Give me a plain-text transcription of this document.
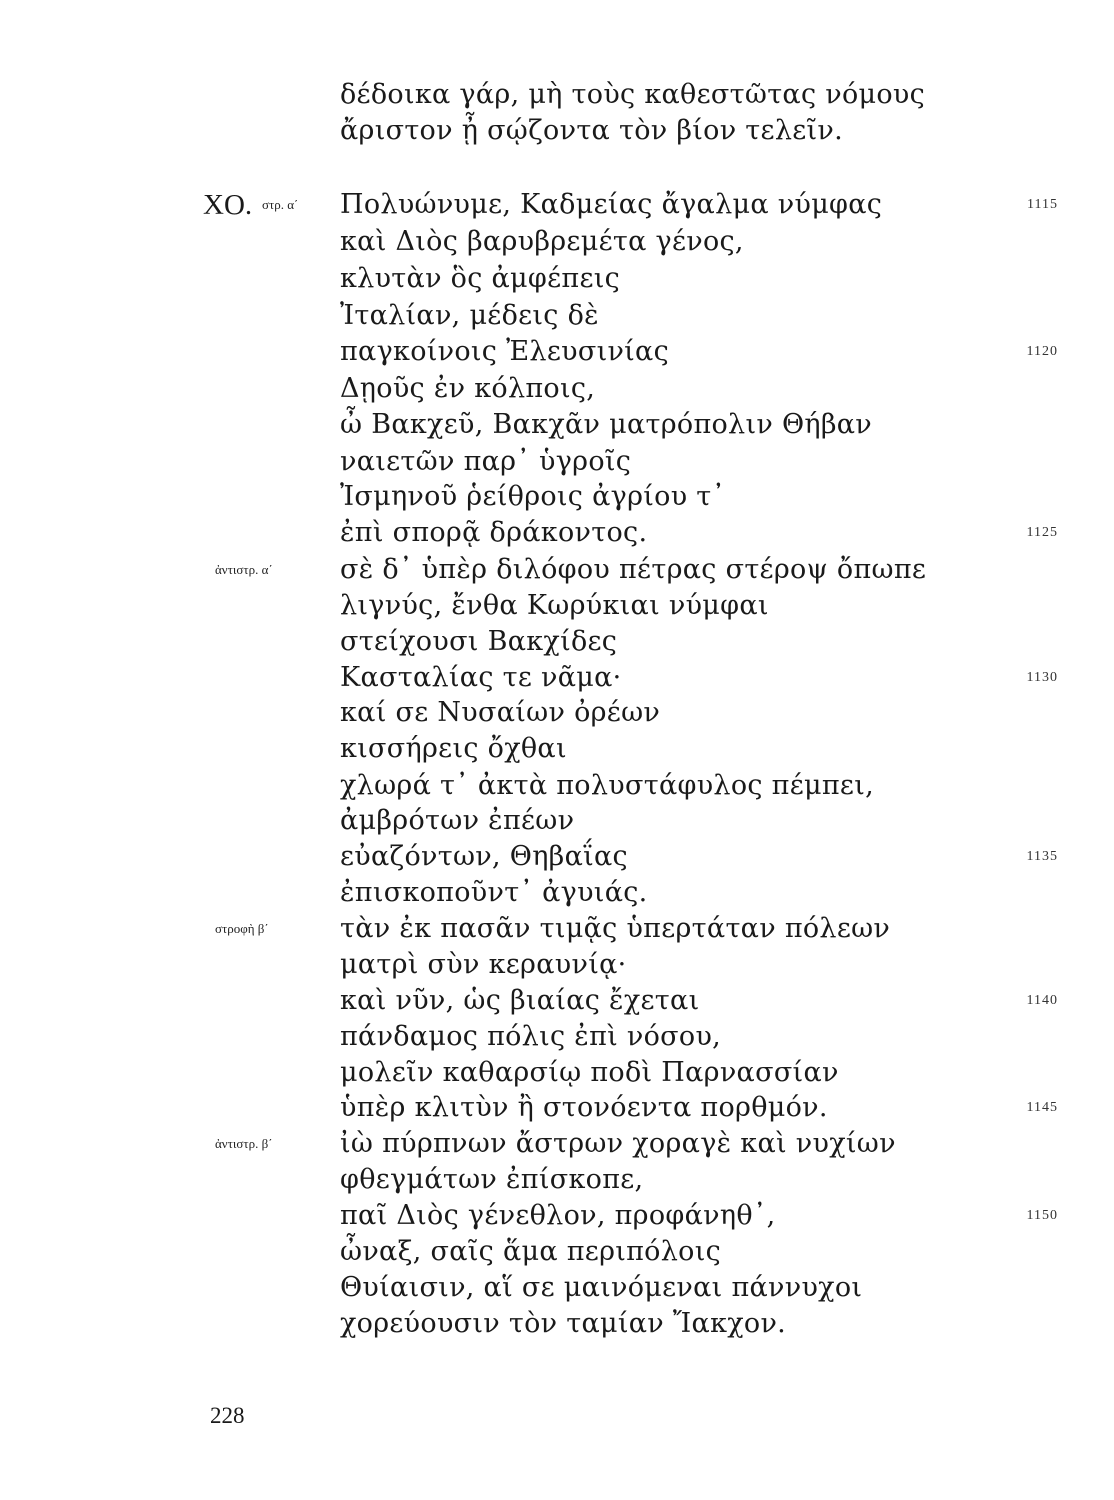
δέδοικα γάρ, μὴ τοὺς καθεστῶτας νόμους
ἄριστον ᾖ σῴζοντα τὸν βίον τελεῖν.
ΧΟ. στρ. α΄ Πολυώνυμε, Καδμείας ἄγαλμα νύμφας	1115
καὶ Διὸς βαρυβρεμέτα γένος,
κλυτὰν ὃς ἀμφέπεις
Ἰταλίαν, μέδεις δὲ
παγκοίνοις Ἐλευσινίας	1120
Δῃοῦς ἐν κόλποις,
ὦ Βακχεῦ, Βακχᾶν ματρόπολιν Θήβαν
ναιετῶν παρ᾽ ὑγροῖς
Ἰσμηνοῦ ῥείθροις ἀγρίου τ᾽
ἐπὶ σπορᾷ δράκοντος.	1125
ἀντιστρ. α΄ σὲ δ᾽ ὑπὲρ διλόφου πέτρας στέροψ ὄπωπε
λιγνύς, ἔνθα Κωρύκιαι νύμφαι
στείχουσι Βακχίδες
Κασταλίας τε νᾶμα·	1130
καί σε Νυσαίων ὀρέων
κισσήρεις ὄχθαι
χλωρά τ᾽ ἀκτὰ πολυστάφυλος πέμπει,
ἀμβρότων ἐπέων
εὐαζόντων, Θηβαΐας	1135
ἐπισκοποῦντ᾽ ἀγυιάς.
στροφὴ β΄	τὰν ἐκ πασᾶν τιμᾷς ὑπερτάταν πόλεων
ματρὶ σὺν κεραυνίᾳ·
καὶ νῦν, ὡς βιαίας ἔχεται	1140
πάνδαμος πόλις ἐπὶ νόσου,
μολεῖν καθαρσίῳ ποδὶ Παρνασσίαν
ὑπὲρ κλιτὺν ἢ στονόεντα πορθμόν.	1145
ἀντιστρ. β΄ ἰὼ πύρπνων ἄστρων χοραγὲ καὶ νυχίων
φθεγμάτων ἐπίσκοπε,
παῖ Διὸς γένεθλον, προφάνηθ᾽,	1150
ὦναξ, σαῖς ἅμα περιπόλοις
Θυίαισιν, αἵ σε μαινόμεναι πάννυχοι
χορεύουσιν τὸν ταμίαν Ἴακχον.
228
